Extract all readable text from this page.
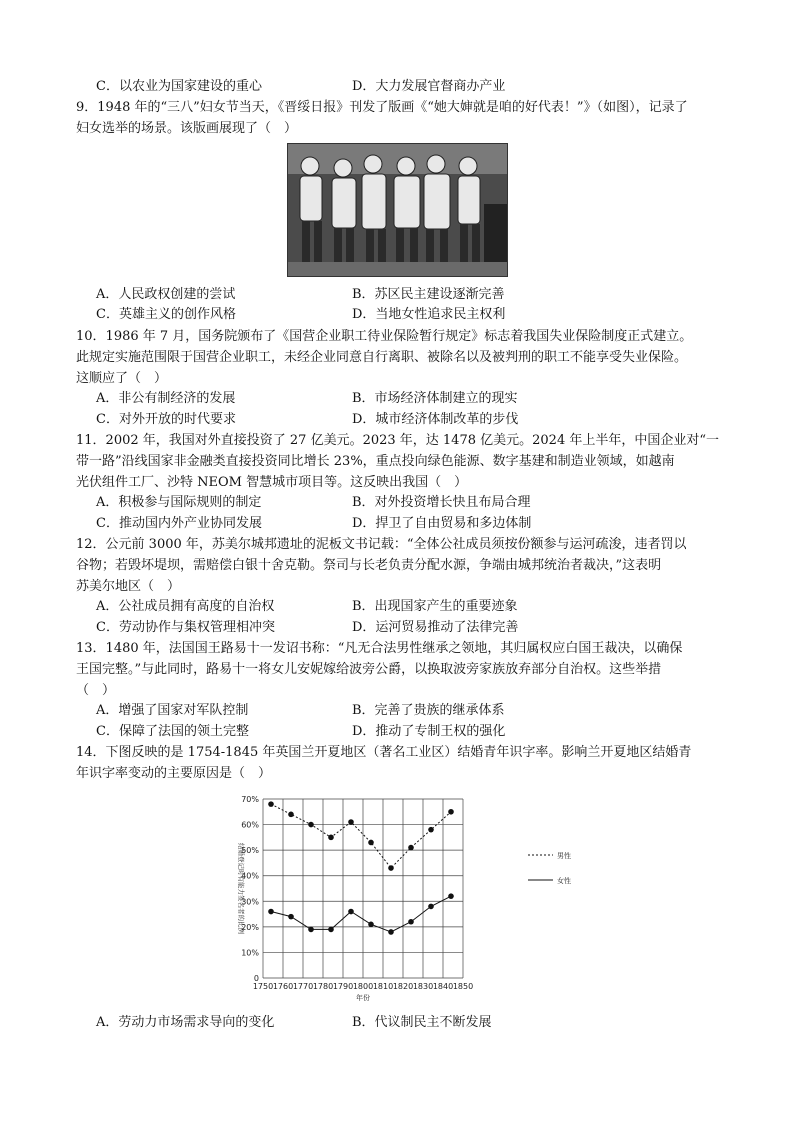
C．以农业为国家建设的重心	D．大力发展官督商办产业
9．1948 年的“三八”妇女节当天，《晋绥日报》刊发了版画《“她大婶就是咱的好代表！”》（如图），记录了
妇女选举的场景。该版画展现了（　）
A．人民政权创建的尝试	B．苏区民主建设逐渐完善
C．英雄主义的创作风格	D．当地女性追求民主权利
10．1986 年 7 月，国务院颁布了《国营企业职工待业保险暂行规定》标志着我国失业保险制度正式建立。
此规定实施范围限于国营企业职工，未经企业同意自行离职、被除名以及被判刑的职工不能享受失业保险。
这顺应了（　）
A．非公有制经济的发展	B．市场经济体制建立的现实
C．对外开放的时代要求	D．城市经济体制改革的步伐
11．2002 年，我国对外直接投资了 27 亿美元。2023 年，达 1478 亿美元。2024 年上半年，中国企业对“一
带一路”沿线国家非金融类直接投资同比增长 23%，重点投向绿色能源、数字基建和制造业领域，如越南
光伏组件工厂、沙特 NEOM 智慧城市项目等。这反映出我国（　）
A．积极参与国际规则的制定	B．对外投资增长快且布局合理
C．推动国内外产业协同发展	D．捍卫了自由贸易和多边体制
12．公元前 3000 年，苏美尔城邦遗址的泥板文书记载：“全体公社成员须按份额参与运河疏浚，违者罚以
谷物；若毁坏堤坝，需赔偿白银十舍克勒。祭司与长老负责分配水源，争端由城邦统治者裁决，”这表明
苏美尔地区（　）
A．公社成员拥有高度的自治权	B．出现国家产生的重要迹象
C．劳动协作与集权管理相冲突	D．运河贸易推动了法律完善
13．1480 年，法国国王路易十一发诏书称：“凡无合法男性继承之领地，其归属权应白国王裁决，以确保
王国完整。”与此同时，路易十一将女儿安妮嫁给波旁公爵，以换取波旁家族放弃部分自治权。这些举措
（　）
A．增强了国家对军队控制	B．完善了贵族的继承体系
C．保障了法国的领土完整	D．推动了专制王权的强化
14．下图反映的是 1754-1845 年英国兰开夏地区（著名工业区）结婚青年识字率。影响兰开夏地区结婚青
年识字率变动的主要原因是（　）
1750 1760 1770 1780 1790 1800 1810 1820 1830 1840 1850
0
10%
20%
30%
40%
50%
60%
70%
年份
结婚登记时有能力签名者的比例	男性
女性
A．劳动力市场需求导向的变化	B．代议制民主不断发展
